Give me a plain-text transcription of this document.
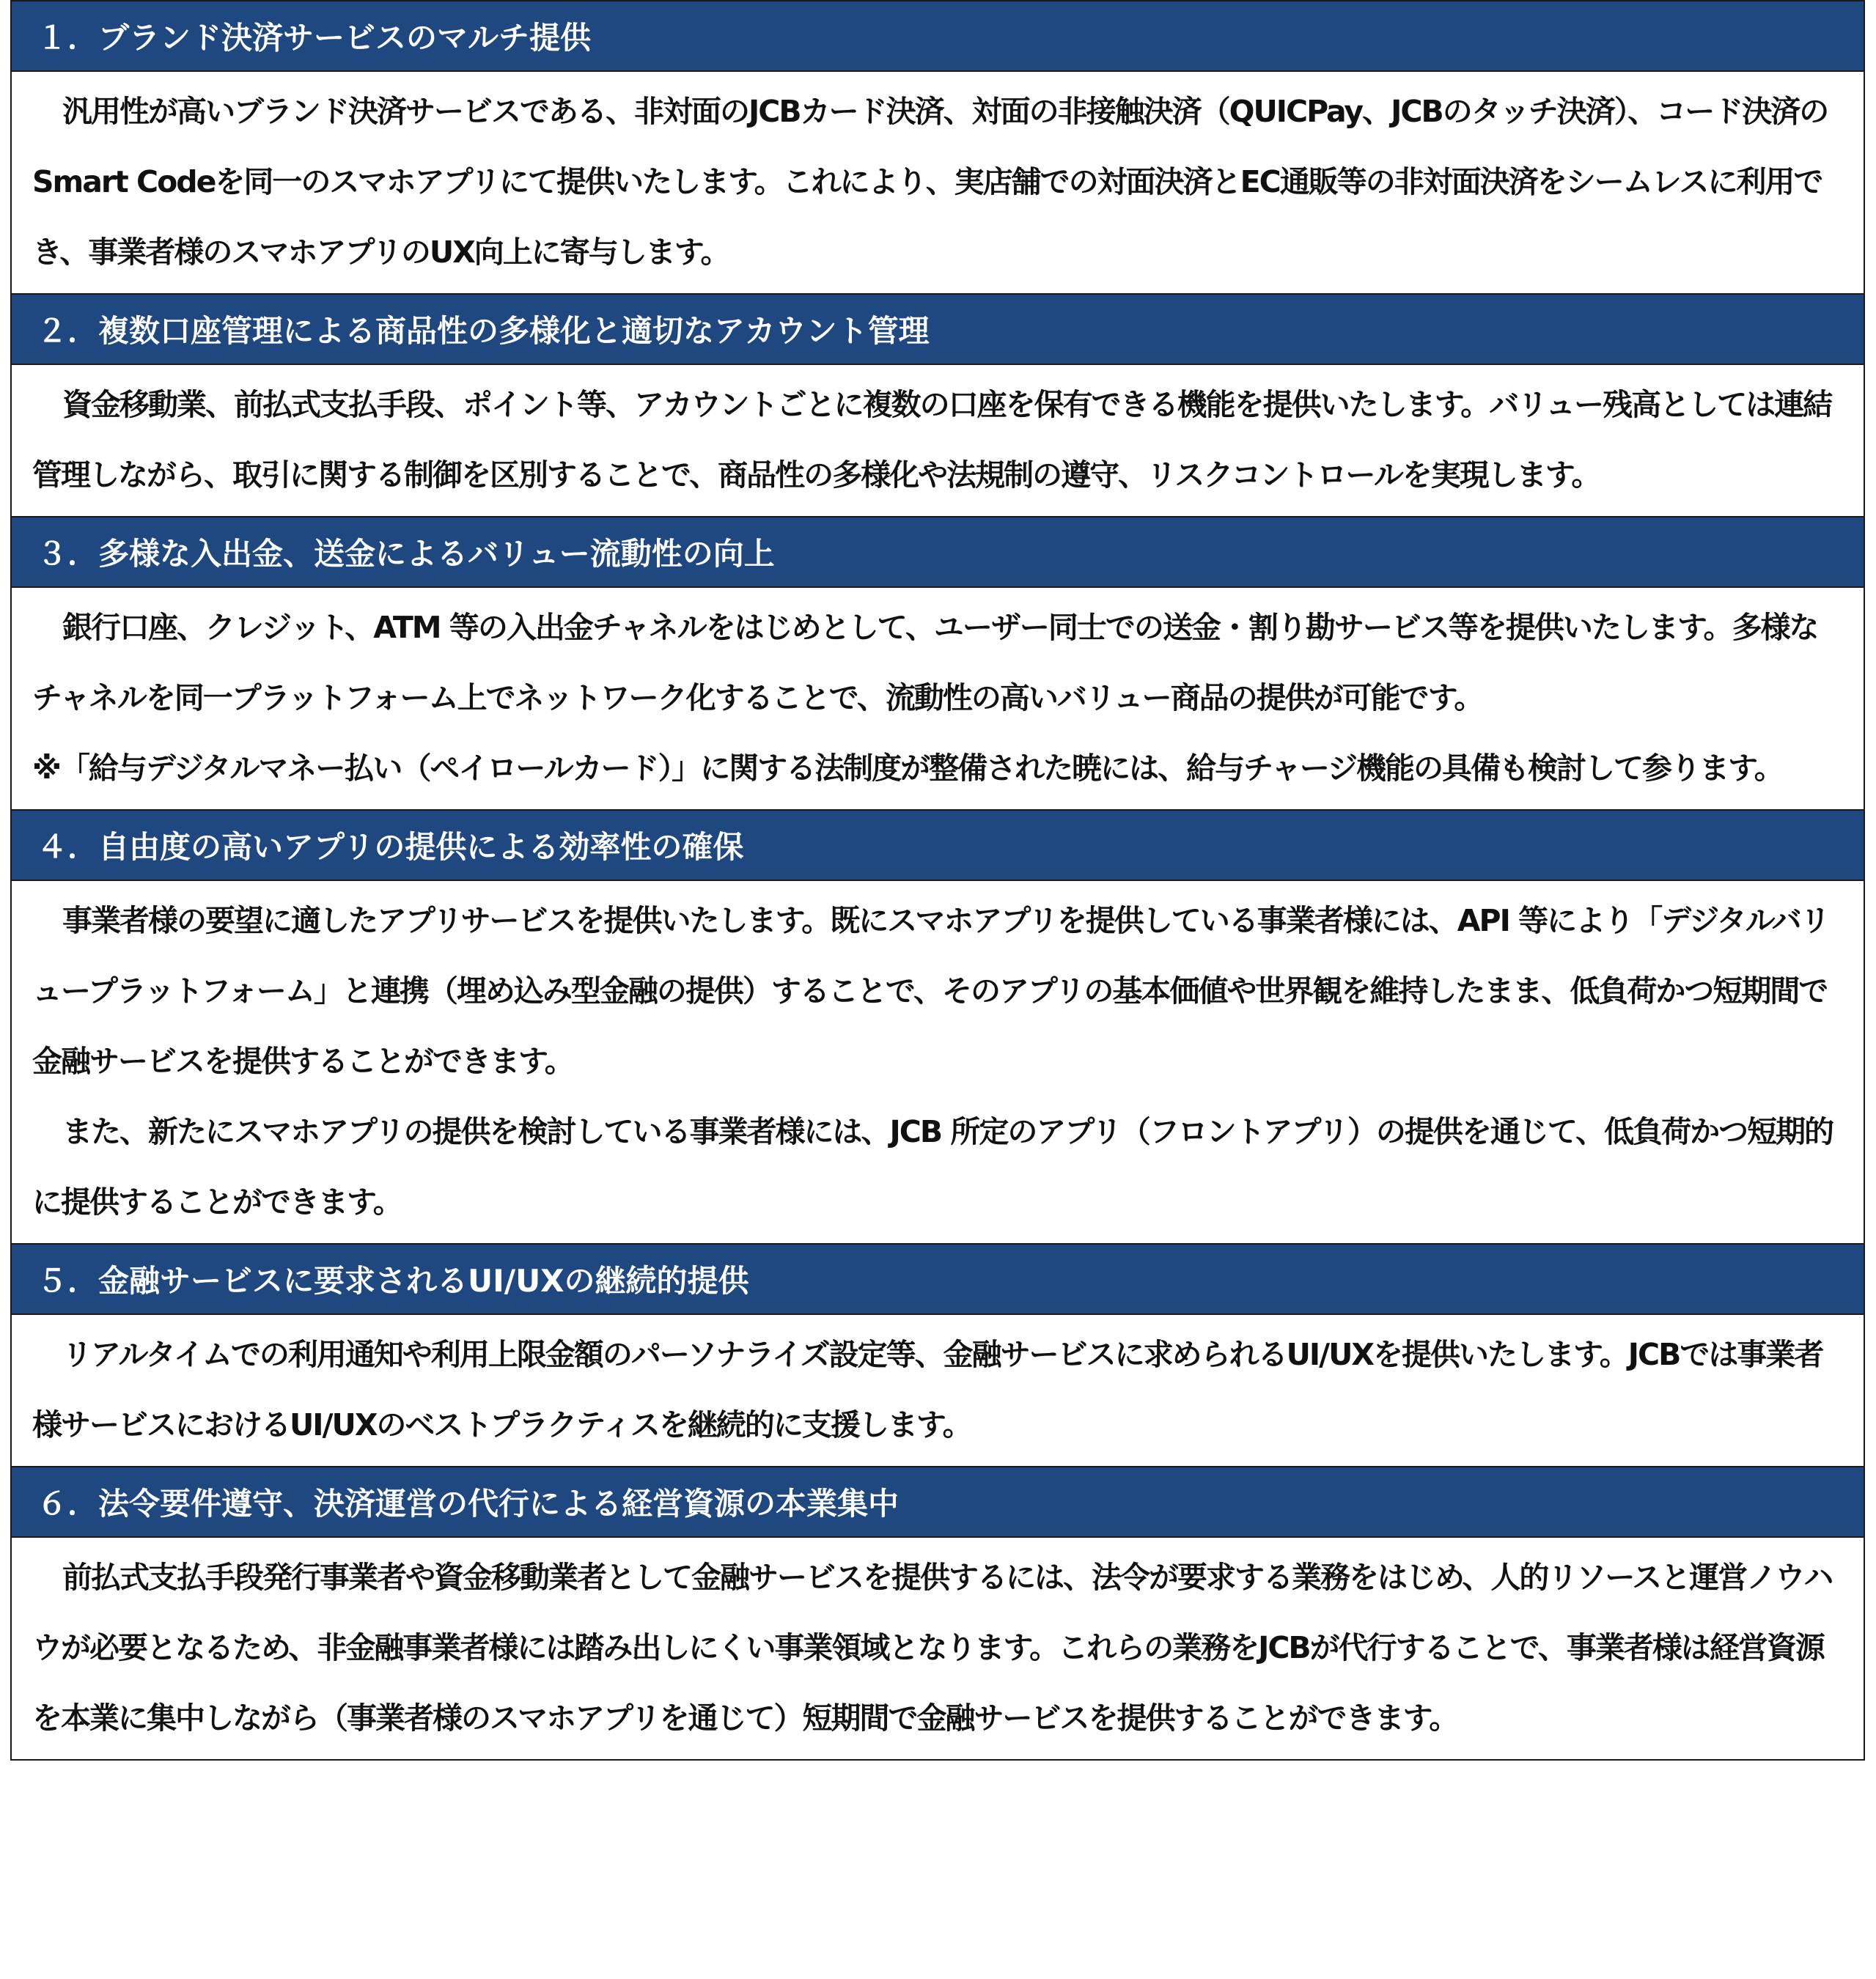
１．ブランド決済サービスのマルチ提供

汎用性が高いブランド決済サービスである、非対面のJCBカード決済、対面の非接触決済（QUICPay、JCBのタッチ決済）、コード決済のSmart Codeを同一のスマホアプリにて提供いたします。これにより、実店舗での対面決済とEC通販等の非対面決済をシームレスに利用でき、事業者様のスマホアプリのUX向上に寄与します。

２．複数口座管理による商品性の多様化と適切なアカウント管理

資金移動業、前払式支払手段、ポイント等、アカウントごとに複数の口座を保有できる機能を提供いたします。バリュー残高としては連結管理しながら、取引に関する制御を区別することで、商品性の多様化や法規制の遵守、リスクコントロールを実現します。

３．多様な入出金、送金によるバリュー流動性の向上

銀行口座、クレジット、ATM 等の入出金チャネルをはじめとして、ユーザー同士での送金・割り勘サービス等を提供いたします。多様なチャネルを同一プラットフォーム上でネットワーク化することで、流動性の高いバリュー商品の提供が可能です。

※「給与デジタルマネー払い（ペイロールカード）」に関する法制度が整備された暁には、給与チャージ機能の具備も検討して参ります。

４．自由度の高いアプリの提供による効率性の確保

事業者様の要望に適したアプリサービスを提供いたします。既にスマホアプリを提供している事業者様には、API 等により「デジタルバリュープラットフォーム」と連携（埋め込み型金融の提供）することで、そのアプリの基本価値や世界観を維持したまま、低負荷かつ短期間で金融サービスを提供することができます。

また、新たにスマホアプリの提供を検討している事業者様には、JCB 所定のアプリ（フロントアプリ）の提供を通じて、低負荷かつ短期的に提供することができます。

５．金融サービスに要求されるUI/UXの継続的提供

リアルタイムでの利用通知や利用上限金額のパーソナライズ設定等、金融サービスに求められるUI/UXを提供いたします。JCBでは事業者様サービスにおけるUI/UXのベストプラクティスを継続的に支援します。

６．法令要件遵守、決済運営の代行による経営資源の本業集中

前払式支払手段発行事業者や資金移動業者として金融サービスを提供するには、法令が要求する業務をはじめ、人的リソースと運営ノウハウが必要となるため、非金融事業者様には踏み出しにくい事業領域となります。これらの業務をJCBが代行することで、事業者様は経営資源を本業に集中しながら（事業者様のスマホアプリを通じて）短期間で金融サービスを提供することができます。
